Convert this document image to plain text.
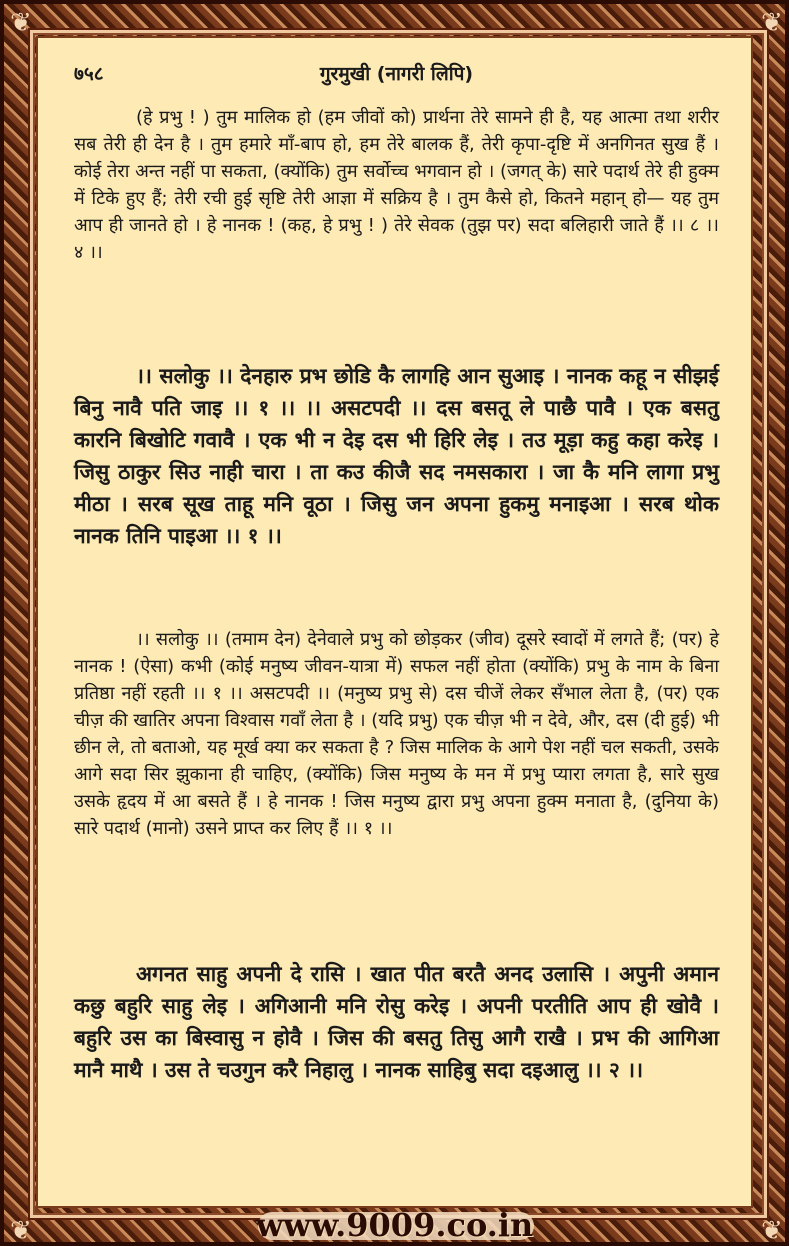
❦	❦
❦	❦
७५८	गुरमुखी (नागरी लिपि)

(हे प्रभु ! ) तुम मालिक हो (हम जीवों को) प्रार्थना तेरे सामने ही है, यह आत्मा तथा शरीर सब तेरी ही देन है । तुम हमारे माँ-बाप हो, हम तेरे बालक हैं, तेरी कृपा-दृष्टि में अनगिनत सुख हैं । कोई तेरा अन्त नहीं पा सकता, (क्योंकि) तुम सर्वोच्च भगवान हो । (जगत् के) सारे पदार्थ तेरे ही हुक्म में टिके हुए हैं; तेरी रची हुई सृष्टि तेरी आज्ञा में सक्रिय है । तुम कैसे हो, कितने महान् हो— यह तुम आप ही जानते हो । हे नानक ! (कह, हे प्रभु ! ) तेरे सेवक (तुझ पर) सदा बलिहारी जाते हैं ।। ८ ।। ४ ।।

।। सलोकु ।। देनहारु प्रभ छोडि कै लागहि आन सुआइ । नानक कहू न सीझई बिनु नावै पति जाइ ।। १ ।। ।। असटपदी ।। दस बसतू ले पाछै पावै । एक बसतु कारनि बिखोटि गवावै । एक भी न देइ दस भी हिरि लेइ । तउ मूड़ा कहु कहा करेइ । जिसु ठाकुर सिउ नाही चारा । ता कउ कीजै सद नमसकारा । जा कै मनि लागा प्रभु मीठा । सरब सूख ताहू मनि वूठा । जिसु जन अपना हुकमु मनाइआ । सरब थोक नानक तिनि पाइआ ।। १ ।।

।। सलोकु ।। (तमाम देन) देनेवाले प्रभु को छोड़कर (जीव) दूसरे स्वादों में लगते हैं; (पर) हे नानक ! (ऐसा) कभी (कोई मनुष्य जीवन-यात्रा में) सफल नहीं होता (क्योंकि) प्रभु के नाम के बिना प्रतिष्ठा नहीं रहती ।। १ ।। असटपदी ।। (मनुष्य प्रभु से) दस चीजें लेकर सँभाल लेता है, (पर) एक चीज़ की खातिर अपना विश्वास गवाँ लेता है । (यदि प्रभु) एक चीज़ भी न देवे, और, दस (दी हुई) भी छीन ले, तो बताओ, यह मूर्ख क्या कर सकता है ? जिस मालिक के आगे पेश नहीं चल सकती, उसके आगे सदा सिर झुकाना ही चाहिए, (क्योंकि) जिस मनुष्य के मन में प्रभु प्यारा लगता है, सारे सुख उसके हृदय में आ बसते हैं । हे नानक ! जिस मनुष्य द्वारा प्रभु अपना हुक्म मनाता है, (दुनिया के) सारे पदार्थ (मानो) उसने प्राप्त कर लिए हैं ।। १ ।।

अगनत साहु अपनी दे रासि । खात पीत बरतै अनद उलासि । अपुनी अमान कछु बहुरि साहु लेइ । अगिआनी मनि रोसु करेइ । अपनी परतीति आप ही खोवै । बहुरि उस का बिस्वासु न होवै । जिस की बसतु तिसु आगै राखै । प्रभ की आगिआ मानै माथै । उस ते चउगुन करै निहालु । नानक साहिबु सदा दइआलु ।। २ ।।

www.9009.co.in
